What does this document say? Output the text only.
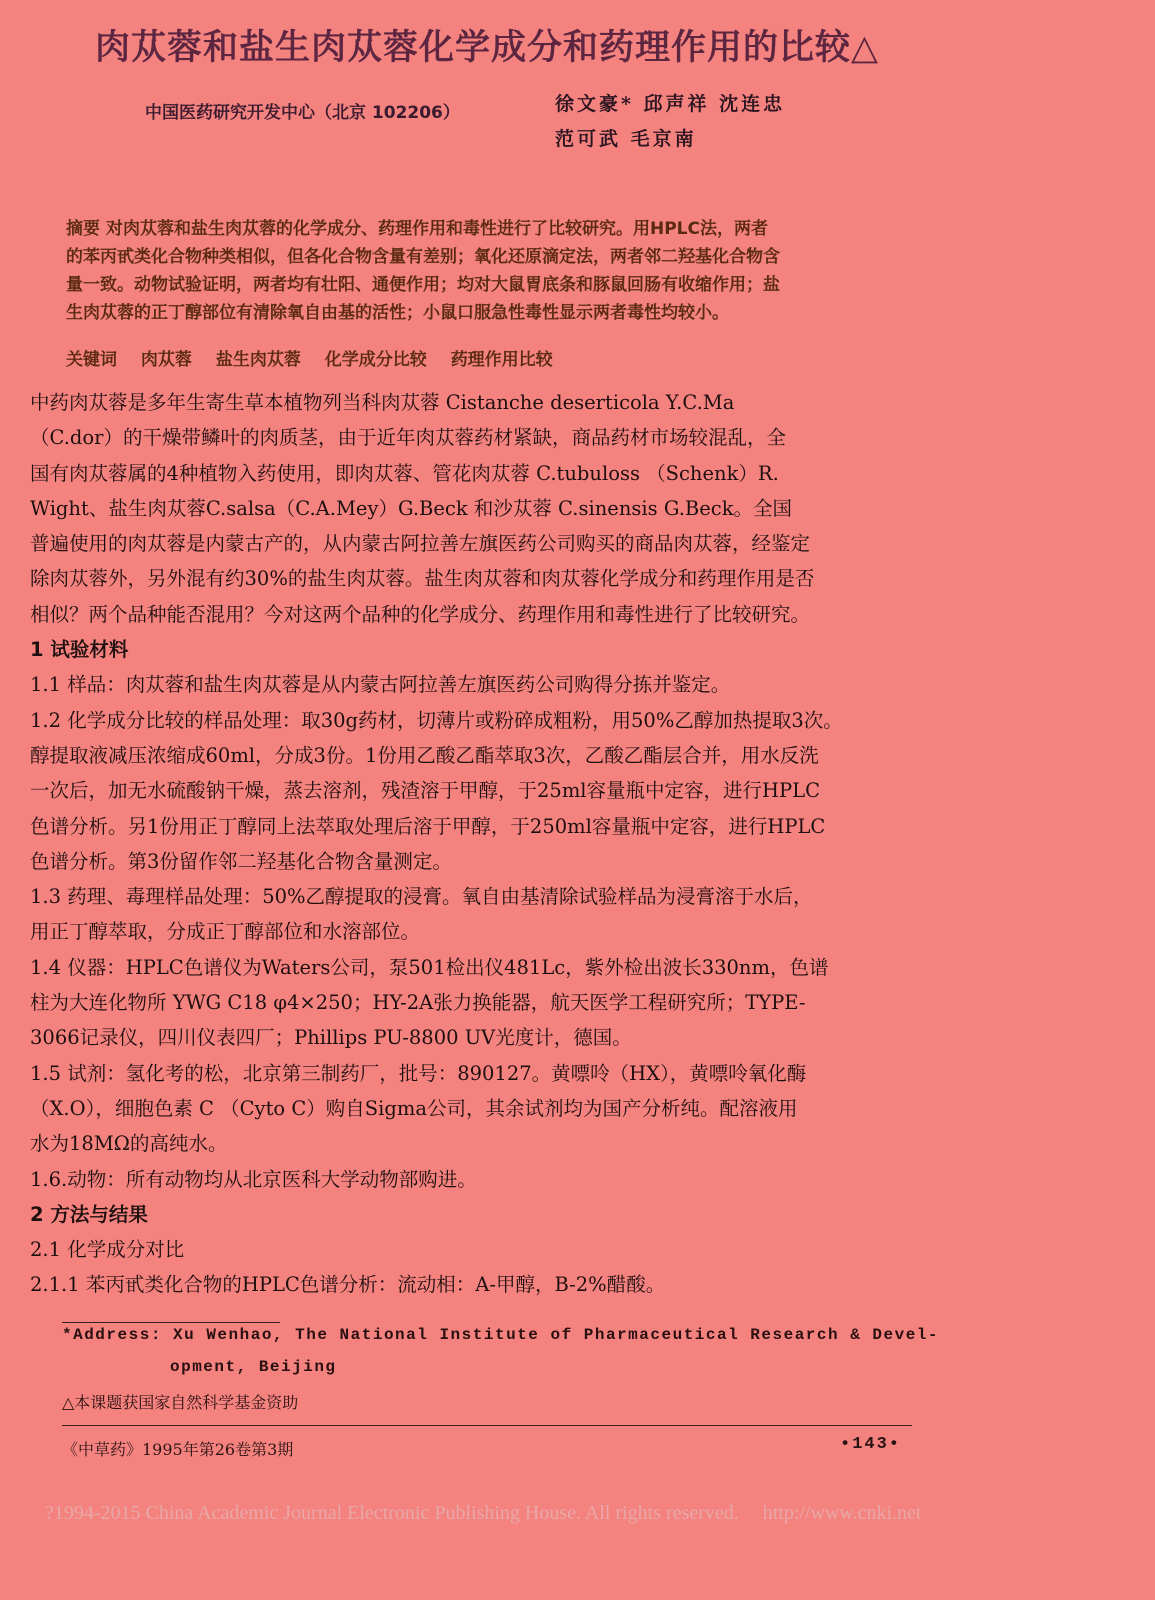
肉苁蓉和盐生肉苁蓉化学成分和药理作用的比较△
中国医药研究开发中心（北京 102206）	徐文豪* 邱声祥 沈连忠
范可武 毛京南
摘要 对肉苁蓉和盐生肉苁蓉的化学成分、药理作用和毒性进行了比较研究。用HPLC法，两者
的苯丙甙类化合物种类相似，但各化合物含量有差别；氧化还原滴定法，两者邻二羟基化合物含
量一致。动物试验证明，两者均有壮阳、通便作用；均对大鼠胃底条和豚鼠回肠有收缩作用；盐
生肉苁蓉的正丁醇部位有清除氧自由基的活性；小鼠口服急性毒性显示两者毒性均较小。
关键词 肉苁蓉 盐生肉苁蓉 化学成分比较 药理作用比较
中药肉苁蓉是多年生寄生草本植物列当科肉苁蓉 Cistanche deserticola Y.C.Ma
（C.dor）的干燥带鳞叶的肉质茎，由于近年肉苁蓉药材紧缺，商品药材市场较混乱，全
国有肉苁蓉属的4种植物入药使用，即肉苁蓉、管花肉苁蓉 C.tubuloss （Schenk）R.
Wight、盐生肉苁蓉C.salsa（C.A.Mey）G.Beck 和沙苁蓉 C.sinensis G.Beck。全国
普遍使用的肉苁蓉是内蒙古产的，从内蒙古阿拉善左旗医药公司购买的商品肉苁蓉，经鉴定
除肉苁蓉外，另外混有约30%的盐生肉苁蓉。盐生肉苁蓉和肉苁蓉化学成分和药理作用是否
相似？两个品种能否混用？今对这两个品种的化学成分、药理作用和毒性进行了比较研究。
1 试验材料
1.1 样品：肉苁蓉和盐生肉苁蓉是从内蒙古阿拉善左旗医药公司购得分拣并鉴定。
1.2 化学成分比较的样品处理：取30g药材，切薄片或粉碎成粗粉，用50%乙醇加热提取3次。
醇提取液减压浓缩成60ml，分成3份。1份用乙酸乙酯萃取3次，乙酸乙酯层合并，用水反洗
一次后，加无水硫酸钠干燥，蒸去溶剂，残渣溶于甲醇，于25ml容量瓶中定容，进行HPLC
色谱分析。另1份用正丁醇同上法萃取处理后溶于甲醇，于250ml容量瓶中定容，进行HPLC
色谱分析。第3份留作邻二羟基化合物含量测定。
1.3 药理、毒理样品处理：50%乙醇提取的浸膏。氧自由基清除试验样品为浸膏溶于水后，
用正丁醇萃取，分成正丁醇部位和水溶部位。
1.4 仪器：HPLC色谱仪为Waters公司，泵501检出仪481Lc，紫外检出波长330nm，色谱
柱为大连化物所 YWG C18 φ4×250；HY-2A张力换能器，航天医学工程研究所；TYPE-
3066记录仪，四川仪表四厂；Phillips PU-8800 UV光度计，德国。
1.5 试剂：氢化考的松，北京第三制药厂，批号：890127。黄嘌呤（HX），黄嘌呤氧化酶
（X.O），细胞色素 C （Cyto C）购自Sigma公司，其余试剂均为国产分析纯。配溶液用
水为18MΩ的高纯水。
1.6.动物：所有动物均从北京医科大学动物部购进。
2 方法与结果
2.1 化学成分对比
2.1.1 苯丙甙类化合物的HPLC色谱分析：流动相：A-甲醇，B-2%醋酸。
*Address: Xu Wenhao, The National Institute of Pharmaceutical Research & Devel-
opment, Beijing
△本课题获国家自然科学基金资助
《中草药》1995年第26卷第3期	•143•
?1994-2015 China Academic Journal Electronic Publishing House. All rights reserved. http://www.cnki.net
